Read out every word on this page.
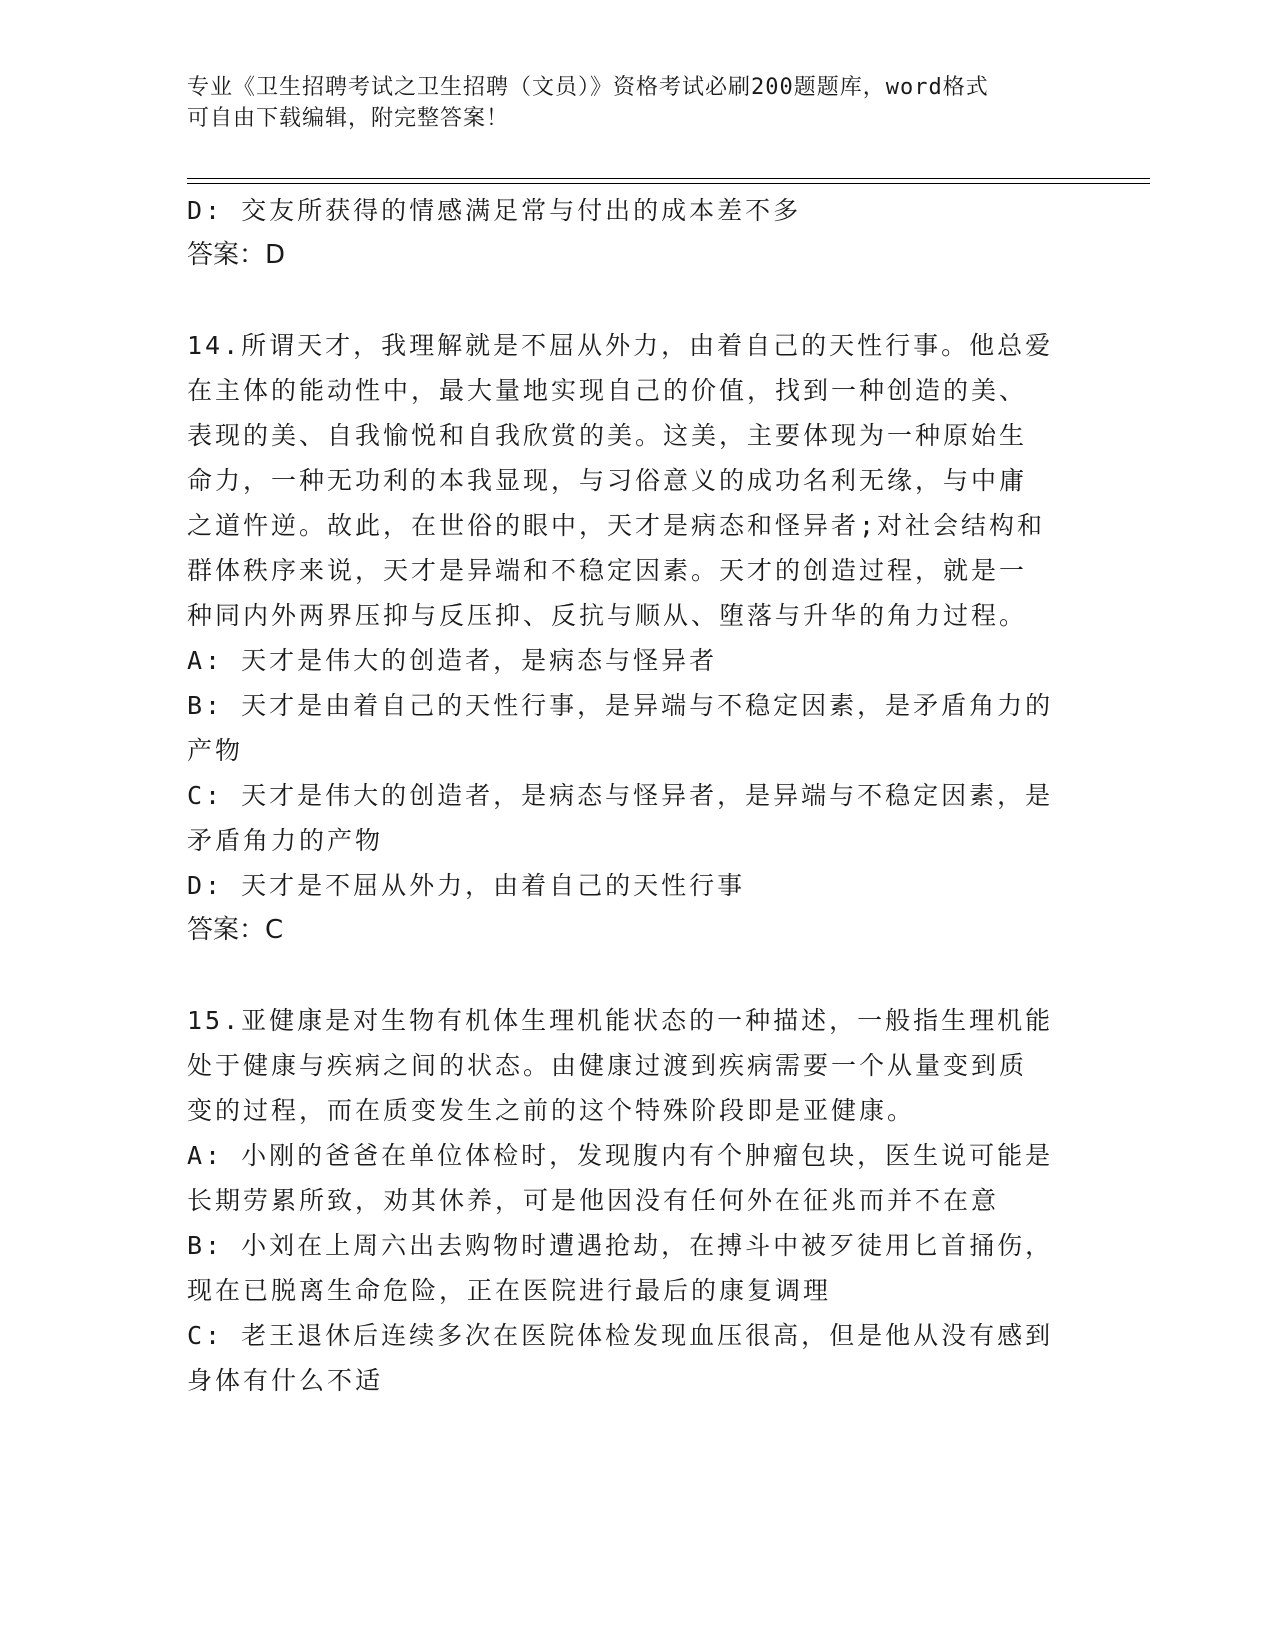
专业《卫生招聘考试之卫生招聘（文员）》资格考试必刷200题题库，word格式

可自由下载编辑，附完整答案！

D: 交友所获得的情感满足常与付出的成本差不多
答案：D
14.所谓天才，我理解就是不屈从外力，由着自己的天性行事。他总爱
在主体的能动性中，最大量地实现自己的价值，找到一种创造的美、
表现的美、自我愉悦和自我欣赏的美。这美，主要体现为一种原始生
命力，一种无功利的本我显现，与习俗意义的成功名利无缘，与中庸
之道忤逆。故此，在世俗的眼中，天才是病态和怪异者;对社会结构和
群体秩序来说，天才是异端和不稳定因素。天才的创造过程，就是一
种同内外两界压抑与反压抑、反抗与顺从、堕落与升华的角力过程。
A: 天才是伟大的创造者，是病态与怪异者
B: 天才是由着自己的天性行事，是异端与不稳定因素，是矛盾角力的
产物
C: 天才是伟大的创造者，是病态与怪异者，是异端与不稳定因素，是
矛盾角力的产物
D: 天才是不屈从外力，由着自己的天性行事
答案：C
15.亚健康是对生物有机体生理机能状态的一种描述，一般指生理机能
处于健康与疾病之间的状态。由健康过渡到疾病需要一个从量变到质
变的过程，而在质变发生之前的这个特殊阶段即是亚健康。
A: 小刚的爸爸在单位体检时，发现腹内有个肿瘤包块，医生说可能是
长期劳累所致，劝其休养，可是他因没有任何外在征兆而并不在意
B: 小刘在上周六出去购物时遭遇抢劫，在搏斗中被歹徒用匕首捅伤，
现在已脱离生命危险，正在医院进行最后的康复调理
C: 老王退休后连续多次在医院体检发现血压很高，但是他从没有感到
身体有什么不适
